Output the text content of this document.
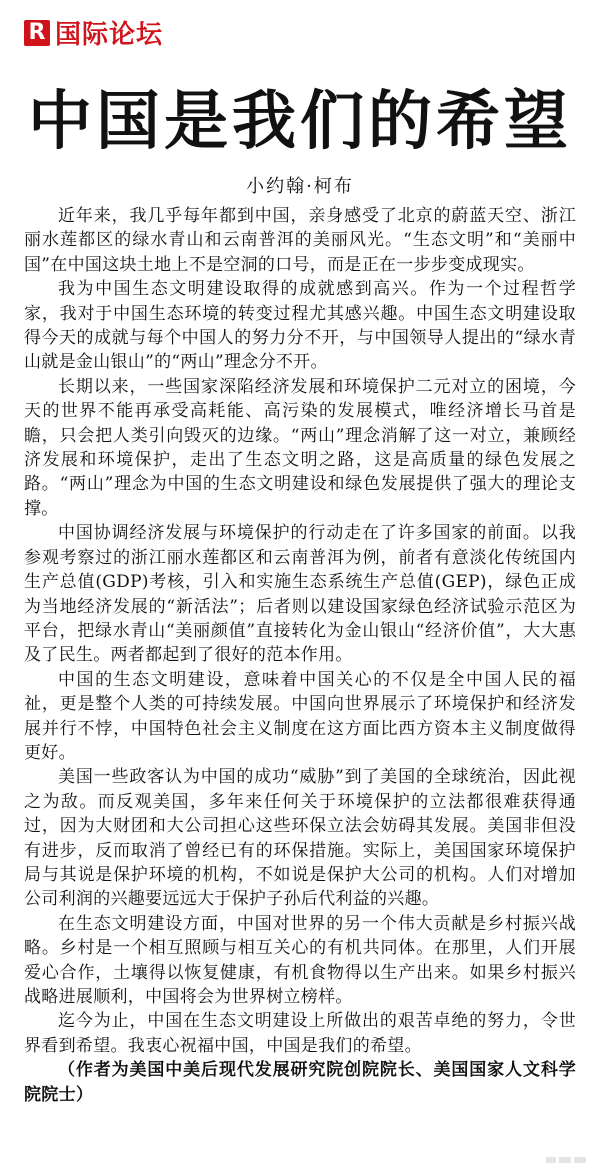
R 国际论坛
中国是我们的希望
小约翰·柯布

近年来，我几乎每年都到中国，亲身感受了北京的蔚蓝天空、浙江丽水莲都区的绿水青山和云南普洱的美丽风光。“生态文明”和“美丽中国”在中国这块土地上不是空洞的口号，而是正在一步步变成现实。

我为中国生态文明建设取得的成就感到高兴。作为一个过程哲学家，我对于中国生态环境的转变过程尤其感兴趣。中国生态文明建设取得今天的成就与每个中国人的努力分不开，与中国领导人提出的“绿水青山就是金山银山”的“两山”理念分不开。

长期以来，一些国家深陷经济发展和环境保护二元对立的困境，今天的世界不能再承受高耗能、高污染的发展模式，唯经济增长马首是瞻，只会把人类引向毁灭的边缘。“两山”理念消解了这一对立，兼顾经济发展和环境保护，走出了生态文明之路，这是高质量的绿色发展之路。“两山”理念为中国的生态文明建设和绿色发展提供了强大的理论支撑。

中国协调经济发展与环境保护的行动走在了许多国家的前面。以我参观考察过的浙江丽水莲都区和云南普洱为例，前者有意淡化传统国内生产总值(GDP)考核，引入和实施生态系统生产总值(GEP)，绿色正成为当地经济发展的“新活法”；后者则以建设国家绿色经济试验示范区为平台，把绿水青山“美丽颜值”直接转化为金山银山“经济价值”，大大惠及了民生。两者都起到了很好的范本作用。

中国的生态文明建设，意味着中国关心的不仅是全中国人民的福祉，更是整个人类的可持续发展。中国向世界展示了环境保护和经济发展并行不悖，中国特色社会主义制度在这方面比西方资本主义制度做得更好。

美国一些政客认为中国的成功“威胁”到了美国的全球统治，因此视之为敌。而反观美国，多年来任何关于环境保护的立法都很难获得通过，因为大财团和大公司担心这些环保立法会妨碍其发展。美国非但没有进步，反而取消了曾经已有的环保措施。实际上，美国国家环境保护局与其说是保护环境的机构，不如说是保护大公司的机构。人们对增加公司利润的兴趣要远远大于保护子孙后代利益的兴趣。

在生态文明建设方面，中国对世界的另一个伟大贡献是乡村振兴战略。乡村是一个相互照顾与相互关心的有机共同体。在那里，人们开展爱心合作，土壤得以恢复健康，有机食物得以生产出来。如果乡村振兴战略进展顺利，中国将会为世界树立榜样。

迄今为止，中国在生态文明建设上所做出的艰苦卓绝的努力，令世界看到希望。我衷心祝福中国，中国是我们的希望。

（作者为美国中美后现代发展研究院创院院长、美国国家人文科学院院士）
